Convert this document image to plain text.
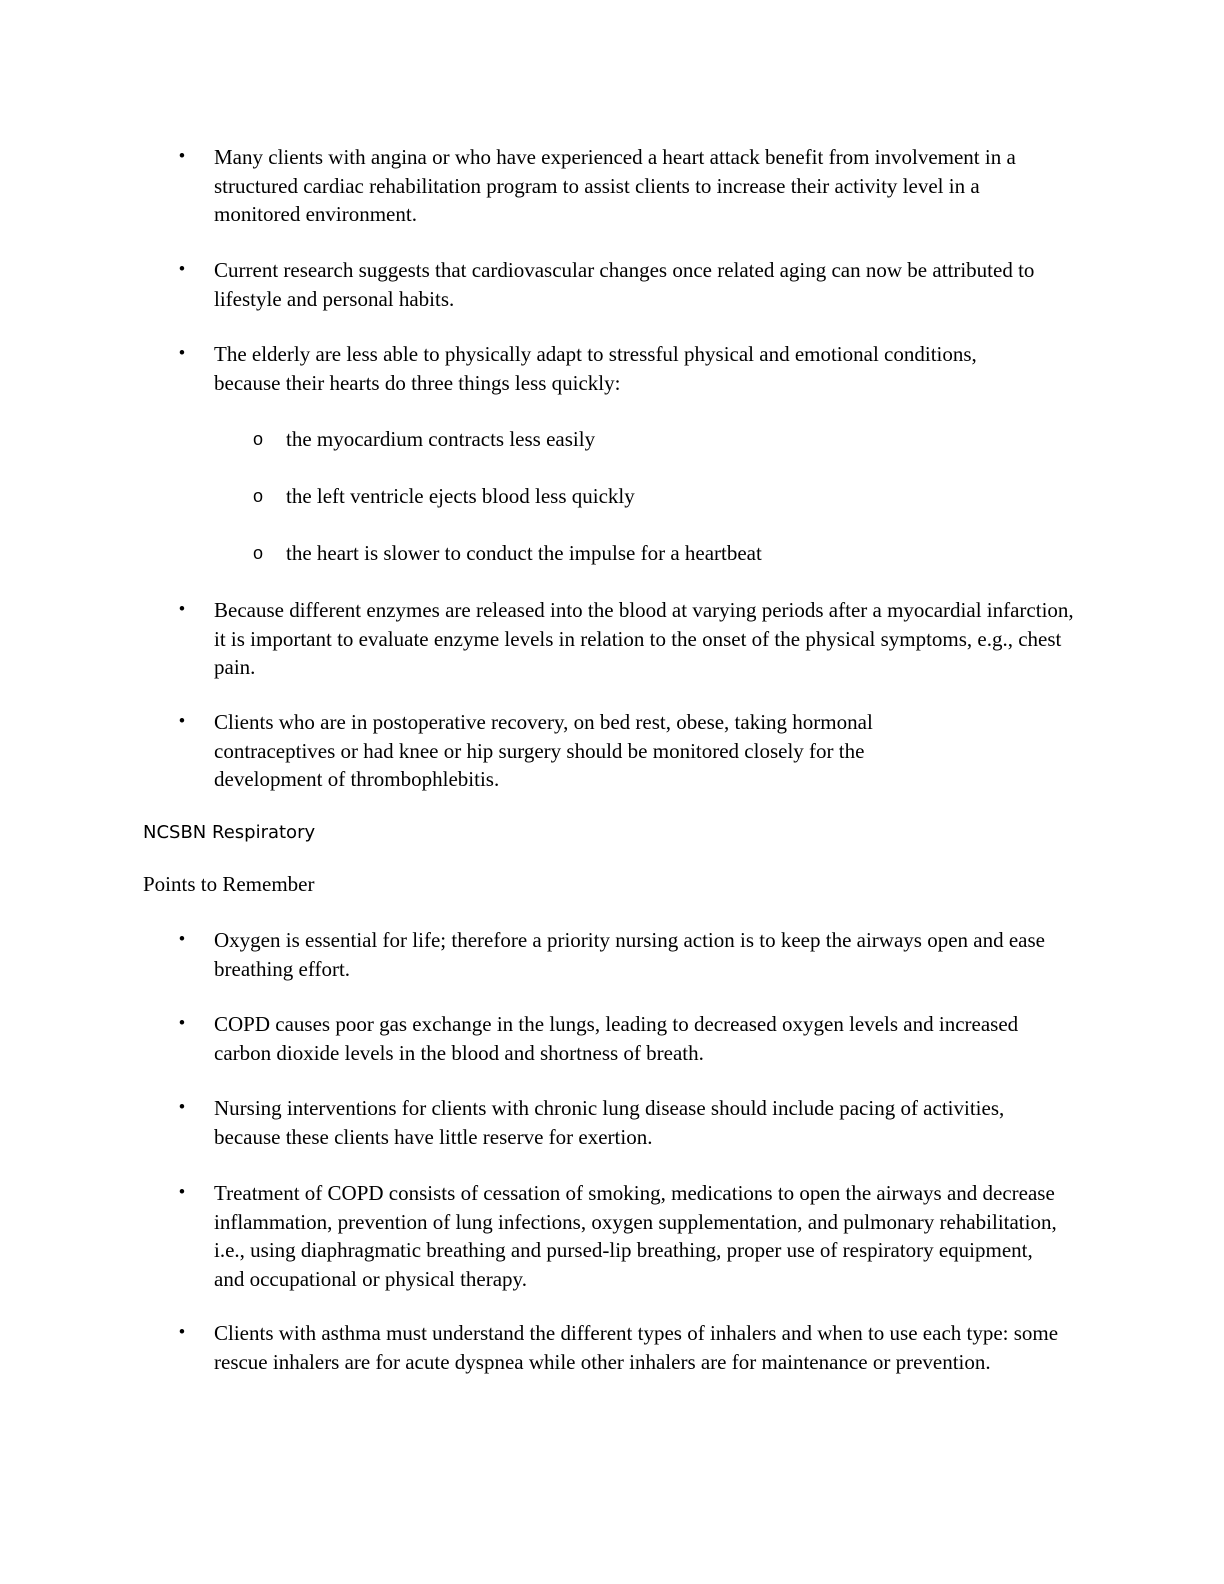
• Many clients with angina or who have experienced a heart attack benefit from involvement in a structured cardiac rehabilitation program to assist clients to increase their activity level in a monitored environment.
• Current research suggests that cardiovascular changes once related aging can now be attributed to lifestyle and personal habits.
• The elderly are less able to physically adapt to stressful physical and emotional conditions, because their hearts do three things less quickly:
o the myocardium contracts less easily
o the left ventricle ejects blood less quickly
o the heart is slower to conduct the impulse for a heartbeat
• Because different enzymes are released into the blood at varying periods after a myocardial infarction, it is important to evaluate enzyme levels in relation to the onset of the physical symptoms, e.g., chest pain.
• Clients who are in postoperative recovery, on bed rest, obese, taking hormonal contraceptives or had knee or hip surgery should be monitored closely for the development of thrombophlebitis.
NCSBN Respiratory
Points to Remember
• Oxygen is essential for life; therefore a priority nursing action is to keep the airways open and ease breathing effort.
• COPD causes poor gas exchange in the lungs, leading to decreased oxygen levels and increased carbon dioxide levels in the blood and shortness of breath.
• Nursing interventions for clients with chronic lung disease should include pacing of activities, because these clients have little reserve for exertion.
• Treatment of COPD consists of cessation of smoking, medications to open the airways and decrease inflammation, prevention of lung infections, oxygen supplementation, and pulmonary rehabilitation, i.e., using diaphragmatic breathing and pursed-lip breathing, proper use of respiratory equipment, and occupational or physical therapy.
• Clients with asthma must understand the different types of inhalers and when to use each type: some rescue inhalers are for acute dyspnea while other inhalers are for maintenance or prevention.
